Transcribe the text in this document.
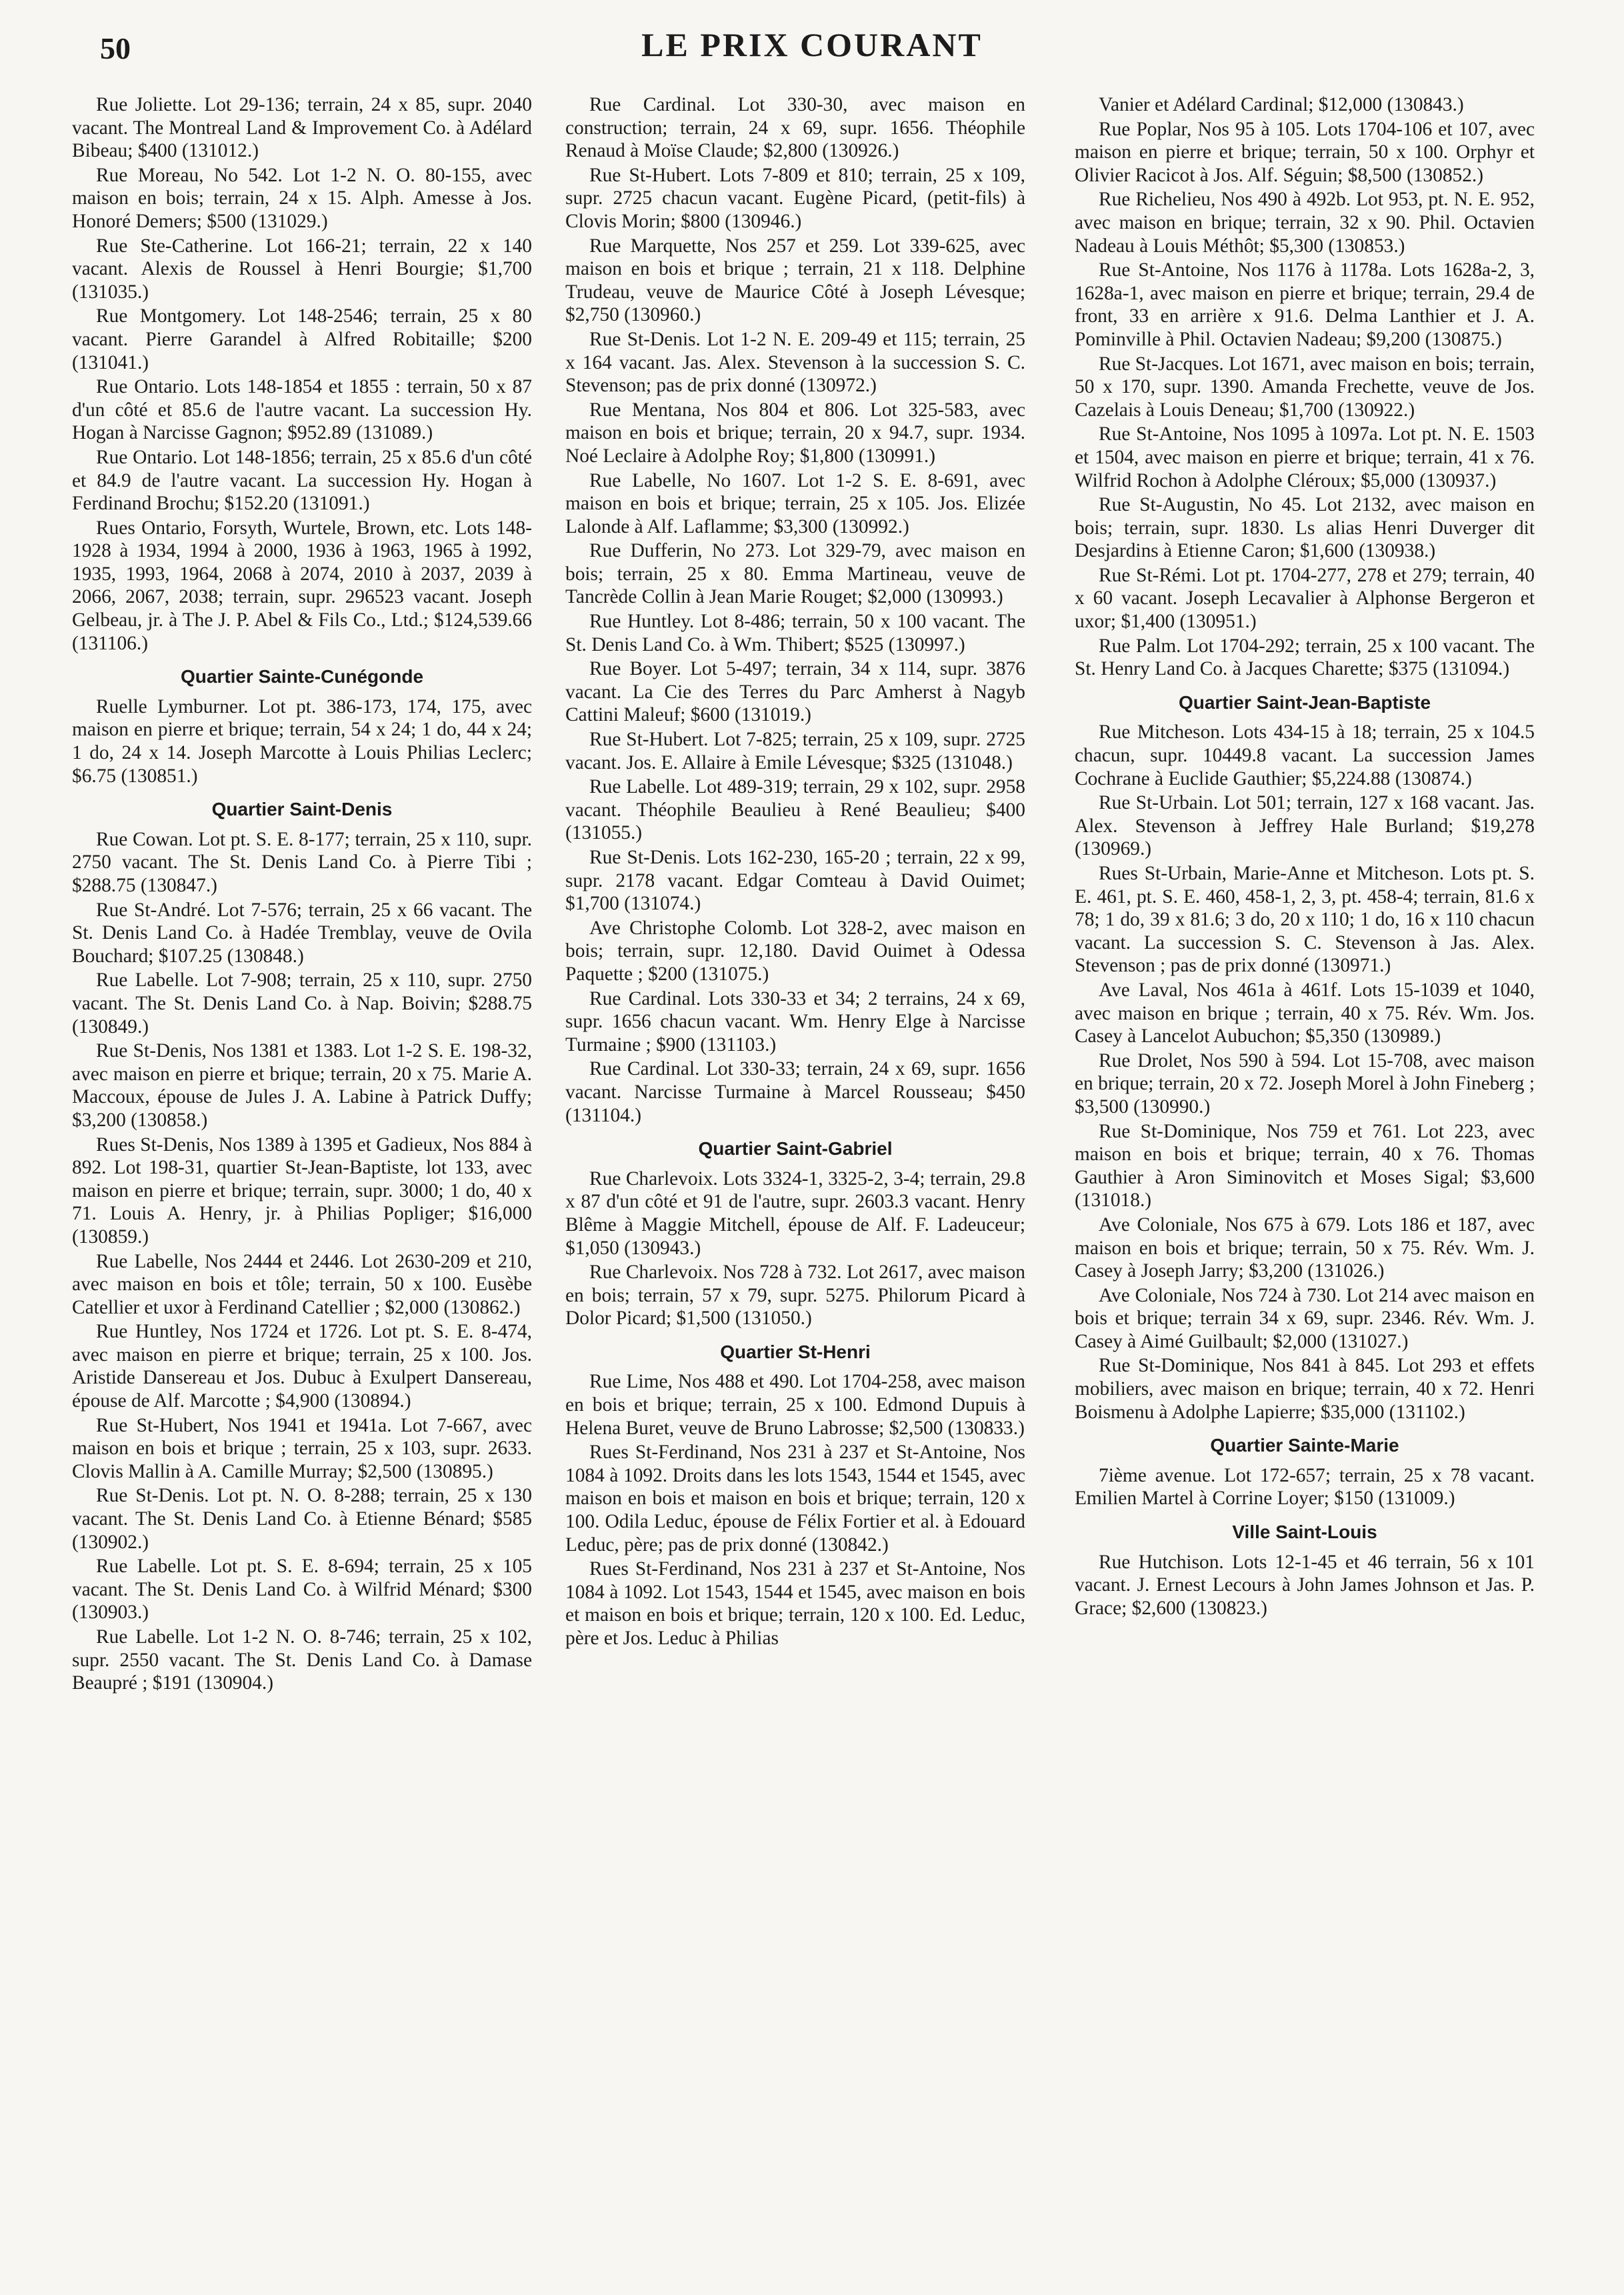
50	LE PRIX COURANT

Rue Joliette. Lot 29-136; terrain, 24 x 85, supr. 2040 vacant. The Montreal Land & Improvement Co. à Adélard Bibeau; $400 (131012.)

Rue Moreau, No 542. Lot 1-2 N. O. 80-155, avec maison en bois; terrain, 24 x 15. Alph. Amesse à Jos. Honoré Demers; $500 (131029.)

Rue Ste-Catherine. Lot 166-21; terrain, 22 x 140 vacant. Alexis de Roussel à Henri Bourgie; $1,700 (131035.)

Rue Montgomery. Lot 148-2546; terrain, 25 x 80 vacant. Pierre Garandel à Alfred Robitaille; $200 (131041.)

Rue Ontario. Lots 148-1854 et 1855 : terrain, 50 x 87 d'un côté et 85.6 de l'autre vacant. La succession Hy. Hogan à Narcisse Gagnon; $952.89 (131089.)

Rue Ontario. Lot 148-1856; terrain, 25 x 85.6 d'un côté et 84.9 de l'autre vacant. La succession Hy. Hogan à Ferdinand Brochu; $152.20 (131091.)

Rues Ontario, Forsyth, Wurtele, Brown, etc. Lots 148-1928 à 1934, 1994 à 2000, 1936 à 1963, 1965 à 1992, 1935, 1993, 1964, 2068 à 2074, 2010 à 2037, 2039 à 2066, 2067, 2038; terrain, supr. 296523 vacant. Joseph Gelbeau, jr. à The J. P. Abel & Fils Co., Ltd.; $124,539.66 (131106.)

Quartier Sainte-Cunégonde

Ruelle Lymburner. Lot pt. 386-173, 174, 175, avec maison en pierre et brique; terrain, 54 x 24; 1 do, 44 x 24; 1 do, 24 x 14. Joseph Marcotte à Louis Philias Leclerc; $6.75 (130851.)

Quartier Saint-Denis

Rue Cowan. Lot pt. S. E. 8-177; terrain, 25 x 110, supr. 2750 vacant. The St. Denis Land Co. à Pierre Tibi ; $288.75 (130847.)

Rue St-André. Lot 7-576; terrain, 25 x 66 vacant. The St. Denis Land Co. à Hadée Tremblay, veuve de Ovila Bouchard; $107.25 (130848.)

Rue Labelle. Lot 7-908; terrain, 25 x 110, supr. 2750 vacant. The St. Denis Land Co. à Nap. Boivin; $288.75 (130849.)

Rue St-Denis, Nos 1381 et 1383. Lot 1-2 S. E. 198-32, avec maison en pierre et brique; terrain, 20 x 75. Marie A. Maccoux, épouse de Jules J. A. Labine à Patrick Duffy; $3,200 (130858.)

Rues St-Denis, Nos 1389 à 1395 et Gadieux, Nos 884 à 892. Lot 198-31, quartier St-Jean-Baptiste, lot 133, avec maison en pierre et brique; terrain, supr. 3000; 1 do, 40 x 71. Louis A. Henry, jr. à Philias Popliger; $16,000 (130859.)

Rue Labelle, Nos 2444 et 2446. Lot 2630-209 et 210, avec maison en bois et tôle; terrain, 50 x 100. Eusèbe Catellier et uxor à Ferdinand Catellier ; $2,000 (130862.)

Rue Huntley, Nos 1724 et 1726. Lot pt. S. E. 8-474, avec maison en pierre et brique; terrain, 25 x 100. Jos. Aristide Dansereau et Jos. Dubuc à Exulpert Dansereau, épouse de Alf. Marcotte ; $4,900 (130894.)

Rue St-Hubert, Nos 1941 et 1941a. Lot 7-667, avec maison en bois et brique ; terrain, 25 x 103, supr. 2633. Clovis Mallin à A. Camille Murray; $2,500 (130895.)

Rue St-Denis. Lot pt. N. O. 8-288; terrain, 25 x 130 vacant. The St. Denis Land Co. à Etienne Bénard; $585 (130902.)

Rue Labelle. Lot pt. S. E. 8-694; terrain, 25 x 105 vacant. The St. Denis Land Co. à Wilfrid Ménard; $300 (130903.)

Rue Labelle. Lot 1-2 N. O. 8-746; terrain, 25 x 102, supr. 2550 vacant. The St. Denis Land Co. à Damase Beaupré ; $191 (130904.)

Rue Cardinal. Lot 330-30, avec maison en construction; terrain, 24 x 69, supr. 1656. Théophile Renaud à Moïse Claude; $2,800 (130926.)

Rue St-Hubert. Lots 7-809 et 810; terrain, 25 x 109, supr. 2725 chacun vacant. Eugène Picard, (petit-fils) à Clovis Morin; $800 (130946.)

Rue Marquette, Nos 257 et 259. Lot 339-625, avec maison en bois et brique ; terrain, 21 x 118. Delphine Trudeau, veuve de Maurice Côté à Joseph Lévesque; $2,750 (130960.)

Rue St-Denis. Lot 1-2 N. E. 209-49 et 115; terrain, 25 x 164 vacant. Jas. Alex. Stevenson à la succession S. C. Stevenson; pas de prix donné (130972.)

Rue Mentana, Nos 804 et 806. Lot 325-583, avec maison en bois et brique; terrain, 20 x 94.7, supr. 1934. Noé Leclaire à Adolphe Roy; $1,800 (130991.)

Rue Labelle, No 1607. Lot 1-2 S. E. 8-691, avec maison en bois et brique; terrain, 25 x 105. Jos. Elizée Lalonde à Alf. Laflamme; $3,300 (130992.)

Rue Dufferin, No 273. Lot 329-79, avec maison en bois; terrain, 25 x 80. Emma Martineau, veuve de Tancrède Collin à Jean Marie Rouget; $2,000 (130993.)

Rue Huntley. Lot 8-486; terrain, 50 x 100 vacant. The St. Denis Land Co. à Wm. Thibert; $525 (130997.)

Rue Boyer. Lot 5-497; terrain, 34 x 114, supr. 3876 vacant. La Cie des Terres du Parc Amherst à Nagyb Cattini Maleuf; $600 (131019.)

Rue St-Hubert. Lot 7-825; terrain, 25 x 109, supr. 2725 vacant. Jos. E. Allaire à Emile Lévesque; $325 (131048.)

Rue Labelle. Lot 489-319; terrain, 29 x 102, supr. 2958 vacant. Théophile Beaulieu à René Beaulieu; $400 (131055.)

Rue St-Denis. Lots 162-230, 165-20 ; terrain, 22 x 99, supr. 2178 vacant. Edgar Comteau à David Ouimet; $1,700 (131074.)

Ave Christophe Colomb. Lot 328-2, avec maison en bois; terrain, supr. 12,180. David Ouimet à Odessa Paquette ; $200 (131075.)

Rue Cardinal. Lots 330-33 et 34; 2 terrains, 24 x 69, supr. 1656 chacun vacant. Wm. Henry Elge à Narcisse Turmaine ; $900 (131103.)

Rue Cardinal. Lot 330-33; terrain, 24 x 69, supr. 1656 vacant. Narcisse Turmaine à Marcel Rousseau; $450 (131104.)

Quartier Saint-Gabriel

Rue Charlevoix. Lots 3324-1, 3325-2, 3-4; terrain, 29.8 x 87 d'un côté et 91 de l'autre, supr. 2603.3 vacant. Henry Blême à Maggie Mitchell, épouse de Alf. F. Ladeuceur; $1,050 (130943.)

Rue Charlevoix. Nos 728 à 732. Lot 2617, avec maison en bois; terrain, 57 x 79, supr. 5275. Philorum Picard à Dolor Picard; $1,500 (131050.)

Quartier St-Henri

Rue Lime, Nos 488 et 490. Lot 1704-258, avec maison en bois et brique; terrain, 25 x 100. Edmond Dupuis à Helena Buret, veuve de Bruno Labrosse; $2,500 (130833.)

Rues St-Ferdinand, Nos 231 à 237 et St-Antoine, Nos 1084 à 1092. Droits dans les lots 1543, 1544 et 1545, avec maison en bois et maison en bois et brique; terrain, 120 x 100. Odila Leduc, épouse de Félix Fortier et al. à Edouard Leduc, père; pas de prix donné (130842.)

Rues St-Ferdinand, Nos 231 à 237 et St-Antoine, Nos 1084 à 1092. Lot 1543, 1544 et 1545, avec maison en bois et maison en bois et brique; terrain, 120 x 100. Ed. Leduc, père et Jos. Leduc à Philias

Vanier et Adélard Cardinal; $12,000 (130843.)

Rue Poplar, Nos 95 à 105. Lots 1704-106 et 107, avec maison en pierre et brique; terrain, 50 x 100. Orphyr et Olivier Racicot à Jos. Alf. Séguin; $8,500 (130852.)

Rue Richelieu, Nos 490 à 492b. Lot 953, pt. N. E. 952, avec maison en brique; terrain, 32 x 90. Phil. Octavien Nadeau à Louis Méthôt; $5,300 (130853.)

Rue St-Antoine, Nos 1176 à 1178a. Lots 1628a-2, 3, 1628a-1, avec maison en pierre et brique; terrain, 29.4 de front, 33 en arrière x 91.6. Delma Lanthier et J. A. Pominville à Phil. Octavien Nadeau; $9,200 (130875.)

Rue St-Jacques. Lot 1671, avec maison en bois; terrain, 50 x 170, supr. 1390. Amanda Frechette, veuve de Jos. Cazelais à Louis Deneau; $1,700 (130922.)

Rue St-Antoine, Nos 1095 à 1097a. Lot pt. N. E. 1503 et 1504, avec maison en pierre et brique; terrain, 41 x 76. Wilfrid Rochon à Adolphe Cléroux; $5,000 (130937.)

Rue St-Augustin, No 45. Lot 2132, avec maison en bois; terrain, supr. 1830. Ls alias Henri Duverger dit Desjardins à Etienne Caron; $1,600 (130938.)

Rue St-Rémi. Lot pt. 1704-277, 278 et 279; terrain, 40 x 60 vacant. Joseph Lecavalier à Alphonse Bergeron et uxor; $1,400 (130951.)

Rue Palm. Lot 1704-292; terrain, 25 x 100 vacant. The St. Henry Land Co. à Jacques Charette; $375 (131094.)

Quartier Saint-Jean-Baptiste

Rue Mitcheson. Lots 434-15 à 18; terrain, 25 x 104.5 chacun, supr. 10449.8 vacant. La succession James Cochrane à Euclide Gauthier; $5,224.88 (130874.)

Rue St-Urbain. Lot 501; terrain, 127 x 168 vacant. Jas. Alex. Stevenson à Jeffrey Hale Burland; $19,278 (130969.)

Rues St-Urbain, Marie-Anne et Mitcheson. Lots pt. S. E. 461, pt. S. E. 460, 458-1, 2, 3, pt. 458-4; terrain, 81.6 x 78; 1 do, 39 x 81.6; 3 do, 20 x 110; 1 do, 16 x 110 chacun vacant. La succession S. C. Stevenson à Jas. Alex. Stevenson ; pas de prix donné (130971.)

Ave Laval, Nos 461a à 461f. Lots 15-1039 et 1040, avec maison en brique ; terrain, 40 x 75. Rév. Wm. Jos. Casey à Lancelot Aubuchon; $5,350 (130989.)

Rue Drolet, Nos 590 à 594. Lot 15-708, avec maison en brique; terrain, 20 x 72. Joseph Morel à John Fineberg ; $3,500 (130990.)

Rue St-Dominique, Nos 759 et 761. Lot 223, avec maison en bois et brique; terrain, 40 x 76. Thomas Gauthier à Aron Siminovitch et Moses Sigal; $3,600 (131018.)

Ave Coloniale, Nos 675 à 679. Lots 186 et 187, avec maison en bois et brique; terrain, 50 x 75. Rév. Wm. J. Casey à Joseph Jarry; $3,200 (131026.)

Ave Coloniale, Nos 724 à 730. Lot 214 avec maison en bois et brique; terrain 34 x 69, supr. 2346. Rév. Wm. J. Casey à Aimé Guilbault; $2,000 (131027.)

Rue St-Dominique, Nos 841 à 845. Lot 293 et effets mobiliers, avec maison en brique; terrain, 40 x 72. Henri Boismenu à Adolphe Lapierre; $35,000 (131102.)

Quartier Sainte-Marie

7ième avenue. Lot 172-657; terrain, 25 x 78 vacant. Emilien Martel à Corrine Loyer; $150 (131009.)

Ville Saint-Louis

Rue Hutchison. Lots 12-1-45 et 46 terrain, 56 x 101 vacant. J. Ernest Lecours à John James Johnson et Jas. P. Grace; $2,600 (130823.)
